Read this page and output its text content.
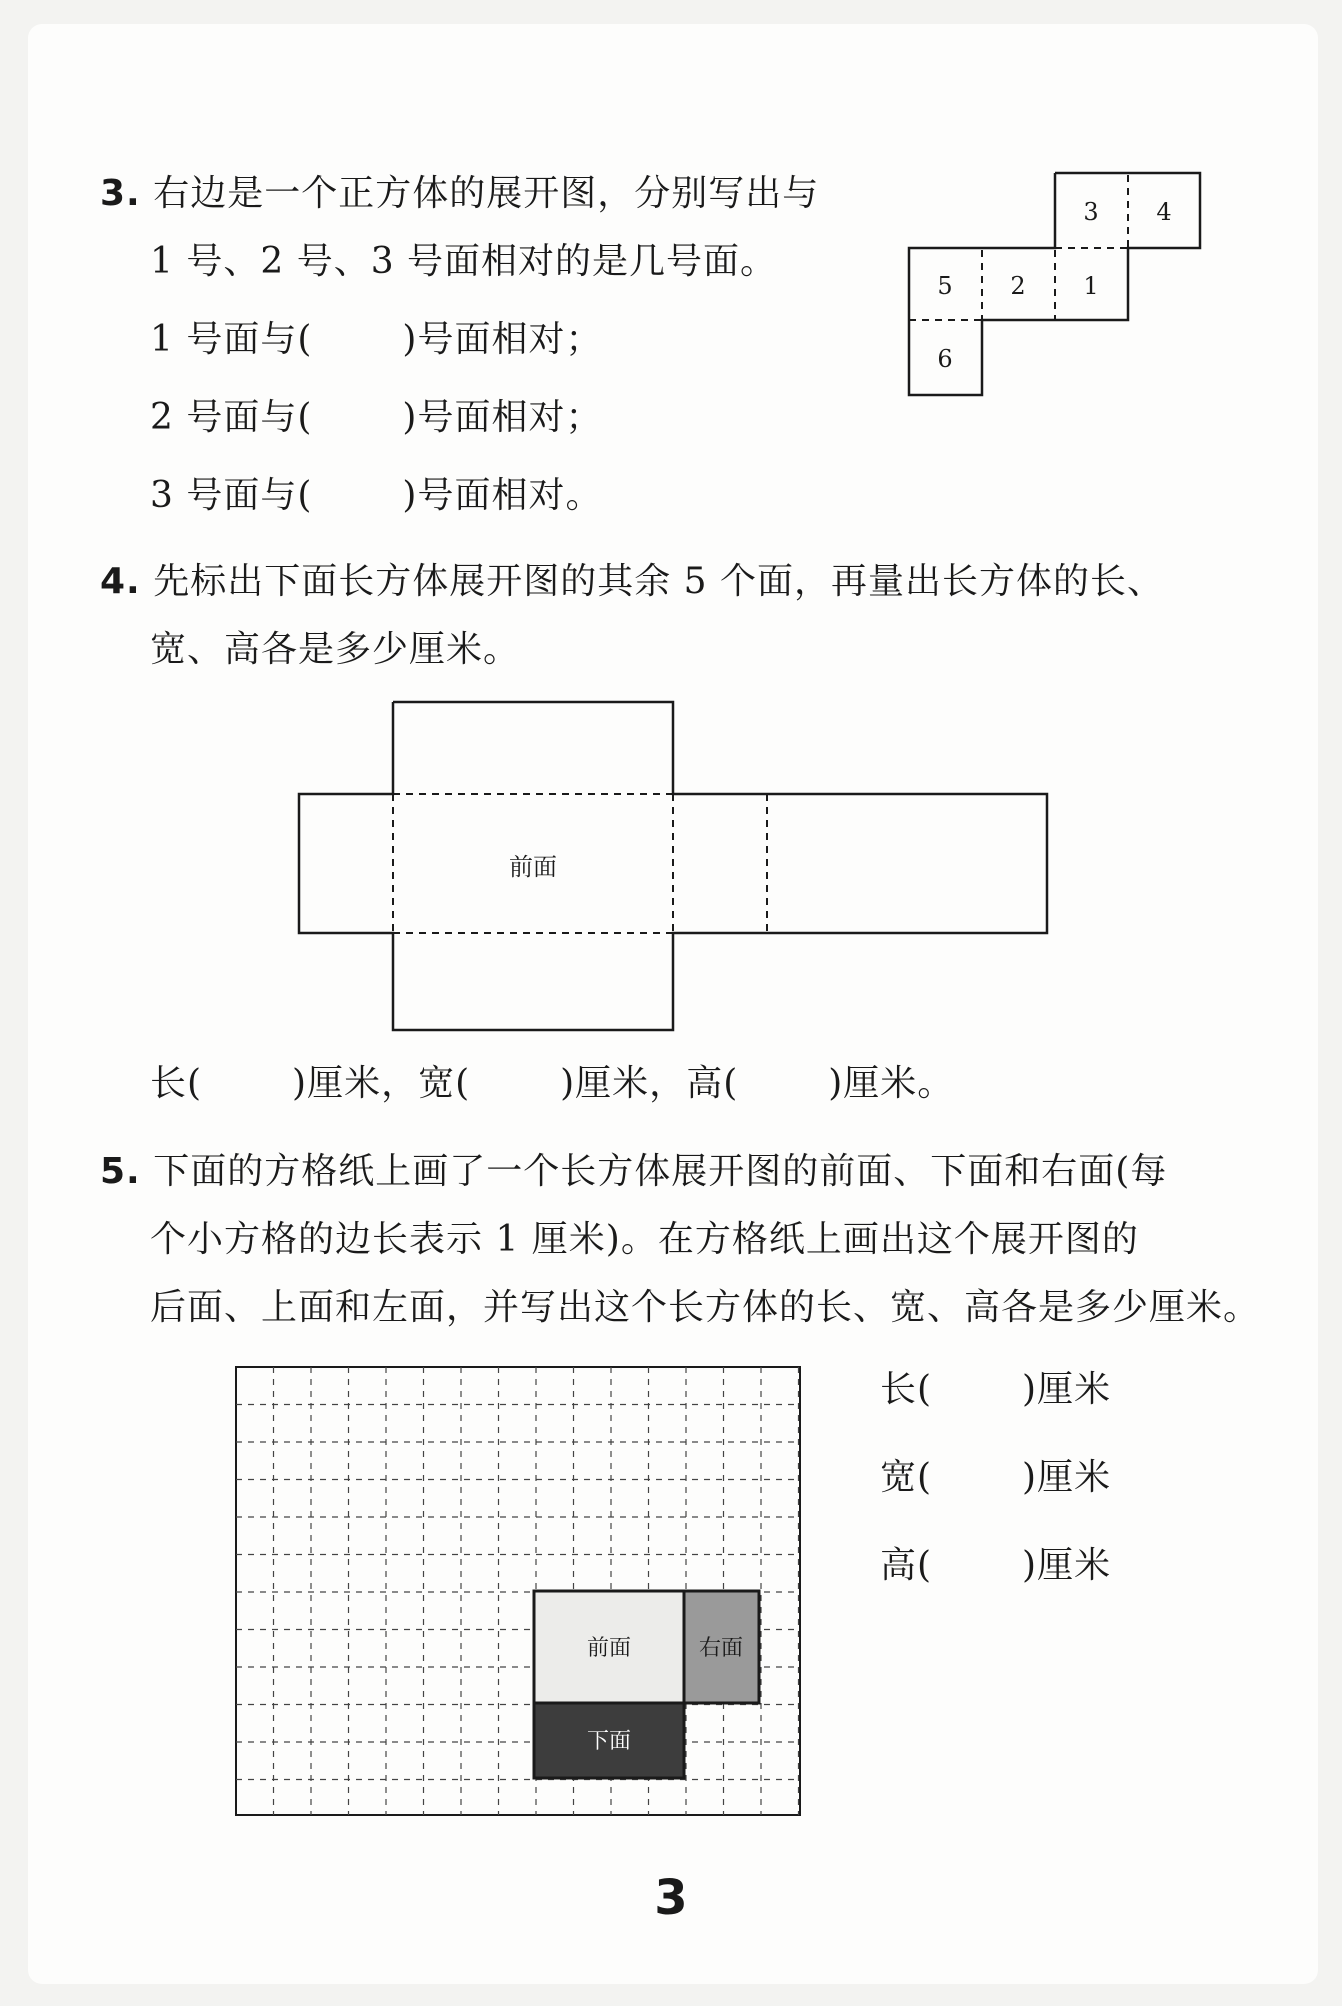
3. 右边是一个正方体的展开图，分别写出与
1 号、2 号、3 号面相对的是几号面。
1 号面与(	)号面相对；
2 号面与(	)号面相对；
3 号面与(	)号面相对。
1
2
3 4
5
6
4. 先标出下面长方体展开图的其余 5 个面，再量出长方体的长、
宽、高各是多少厘米。
前面
长(	)厘米，宽(	)厘米，高(	)厘米。
5. 下面的方格纸上画了一个长方体展开图的前面、下面和右面(每
个小方格的边长表示 1 厘米)。在方格纸上画出这个展开图的
后面、上面和左面，并写出这个长方体的长、宽、高各是多少厘米。
前面	右面
下面
长(	)厘米
宽(	)厘米
高(	)厘米
3
